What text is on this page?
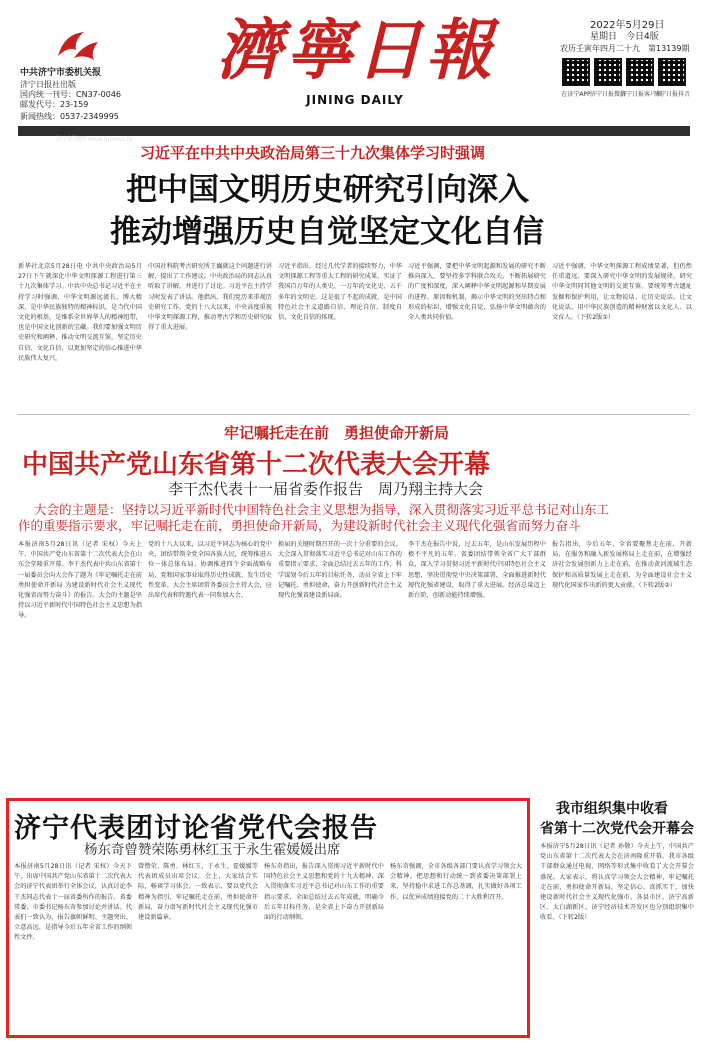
中共济宁市委机关报
济宁日报社出版
国内统一刊号：CN37-0046
邮发代号：23-159
新闻热线：0537-2349995
濟寧日報
JINING DAILY
2022年5月29日
星期日　今日4版
农历壬寅年四月二十九　第13139期
在济宁APP 济宁日报微信
济宁日报客户端
济宁日报抖音
济宁新闻网 www.jnnews.tv
习近平在中共中央政治局第三十九次集体学习时强调
把中国文明历史研究引向深入
推动增强历史自觉坚定文化自信
新华社北京5月28日电 中共中央政治局5月27日下午就深化中华文明探源工程进行第三十九次集体学习。中共中央总书记习近平在主持学习时强调，中华文明源远流长，博大精深，是中华民族独特的精神标识，是当代中国文化的根基，是维系全世界华人的精神纽带，也是中国文化创新的宝藏。我们要加强文明历史研究和阐释，推动文明交流互鉴，坚定历史自信、文化自信，以更加坚定的信心推进中华民族伟大复兴。
中国社科院考古研究所王巍就这个问题进行讲解，提出了工作建议。中央政治局的同志认真听取了讲解，并进行了讨论。习近平在主持学习时发表了讲话。他指出，我们党历来重视历史研究工作。党的十八大以来，中央高度重视中华文明探源工程，推动考古学和历史研究取得了重大进展。
习近平指出，经过几代学者的接续努力，中华文明探源工程等重大工程的研究成果，实证了我国百万年的人类史、一万年的文化史、五千多年的文明史。这是很了不起的成就，是中国特色社会主义道路自信、理论自信、制度自信、文化自信的体现。
习近平强调，要把中华文明起源和发展的研究不断推向深入，要坚持多学科联合攻关，不断拓展研究的广度和深度，深入阐释中华文明起源和早期发展的进程、原因和机制，揭示中华文明的突出特点和形成的标识，增强文化自觉，弘扬中华文明蕴含的全人类共同价值。
习近平强调，中华文明探源工程成绩显著，但仍然任重道远。要深入研究中华文明的发展规律，研究中华文明同其他文明的交流互鉴。要统筹考古遗址发掘和保护利用，让文物说话、让历史说话、让文化说话，用中华民族创造的精神财富以文化人、以文育人。（下转2版①）
牢记嘱托走在前　勇担使命开新局
中国共产党山东省第十二次代表大会开幕
李干杰代表十一届省委作报告　周乃翔主持大会
大会的主题是：坚持以习近平新时代中国特色社会主义思想为指导，深入贯彻落实习近平总书记对山东工
作的重要指示要求，牢记嘱托走在前，勇担使命开新局，为建设新时代社会主义现代化强省而努力奋斗
本报济南5月28日讯（记者 宋权）今天上午，中国共产党山东省第十二次代表大会在山东会堂隆重开幕。李干杰代表中共山东省第十一届委员会向大会作了题为《牢记嘱托走在前 勇担使命开新局 为建设新时代社会主义现代化强省而努力奋斗》的报告。大会的主题是坚持以习近平新时代中国特色社会主义思想为指导。
党的十八大以来，以习近平同志为核心的党中央，团结带领全党全国各族人民，统筹推进五位一体总体布局、协调推进四个全面战略布局，党和国家事业取得历史性成就、发生历史性变革。大会主席团常务委员会主持大会，应出席代表和特邀代表一同参加大会。
换届的关键时期召开的一次十分重要的会议。大会深入贯彻落实习近平总书记对山东工作的重要指示要求，全面总结过去五年的工作，科学谋划今后五年的目标任务，动员全省上下牢记嘱托、勇担使命，奋力开创新时代社会主义现代化强省建设新局面。
李干杰在报告中说，过去五年，是山东发展历程中极不平凡的五年。省委团结带领全省广大干部群众，深入学习贯彻习近平新时代中国特色社会主义思想，坚决贯彻党中央决策部署，全面推进新时代现代化强省建设，取得了重大进展。经济总量迈上新台阶，创新动能持续增强。
报告指出，今后五年，全省要聚焦走在前、开新局，在服务和融入新发展格局上走在前，在增强经济社会发展创新力上走在前，在推动黄河流域生态保护和高质量发展上走在前，为全面建设社会主义现代化国家作出新的更大贡献。（下转2版②）
济宁代表团讨论省党代会报告
杨东奇曾赞荣陈勇林红玉于永生霍媛媛出席
本报济南5月28日讯（记者 宋权）今天下午，出席中国共产党山东省第十二次代表大会的济宁代表团举行全体会议，认真讨论李干杰同志代表十一届省委所作的报告。省委常委、市委书记杨东奇参加讨论并讲话。代表们一致认为，报告旗帜鲜明、主题突出、立意高远，是指导今后五年全省工作的纲领性文件。
曾赞荣、陈勇、林红玉、于永生、霍媛媛等代表团成员出席会议。会上，大家结合实际，畅谈学习体会，一致表示，要以党代会精神为指引，牢记嘱托走在前，勇担使命开新局，奋力谱写新时代社会主义现代化强市建设新篇章。
杨东奇指出，报告深入贯彻习近平新时代中国特色社会主义思想和党的十九大精神，深入贯彻落实习近平总书记对山东工作的重要指示要求，全面总结过去五年成就，明确今后五年目标任务，是全省上下奋力开创新局面的行动纲领。
杨东奇强调，全市各级各部门要认真学习领会大会精神，把思想和行动统一到省委决策部署上来，坚持稳中求进工作总基调，扎实做好各项工作，以优异成绩迎接党的二十大胜利召开。
我市组织集中收看
省第十二次党代会开幕会
本报济宁5月28日讯（记者 孙敬）今天上午，中国共产党山东省第十二次代表大会在济南隆重开幕。我市各级干部群众通过电视、网络等形式集中收看了大会开幕会盛况。大家表示，将认真学习领会大会精神，牢记嘱托走在前，勇担使命开新局，坚定信心、真抓实干，加快建设新时代社会主义现代化强市。各县市区、济宁高新区、太白湖新区、济宁经济技术开发区也分别组织集中收看。（下转2版）
